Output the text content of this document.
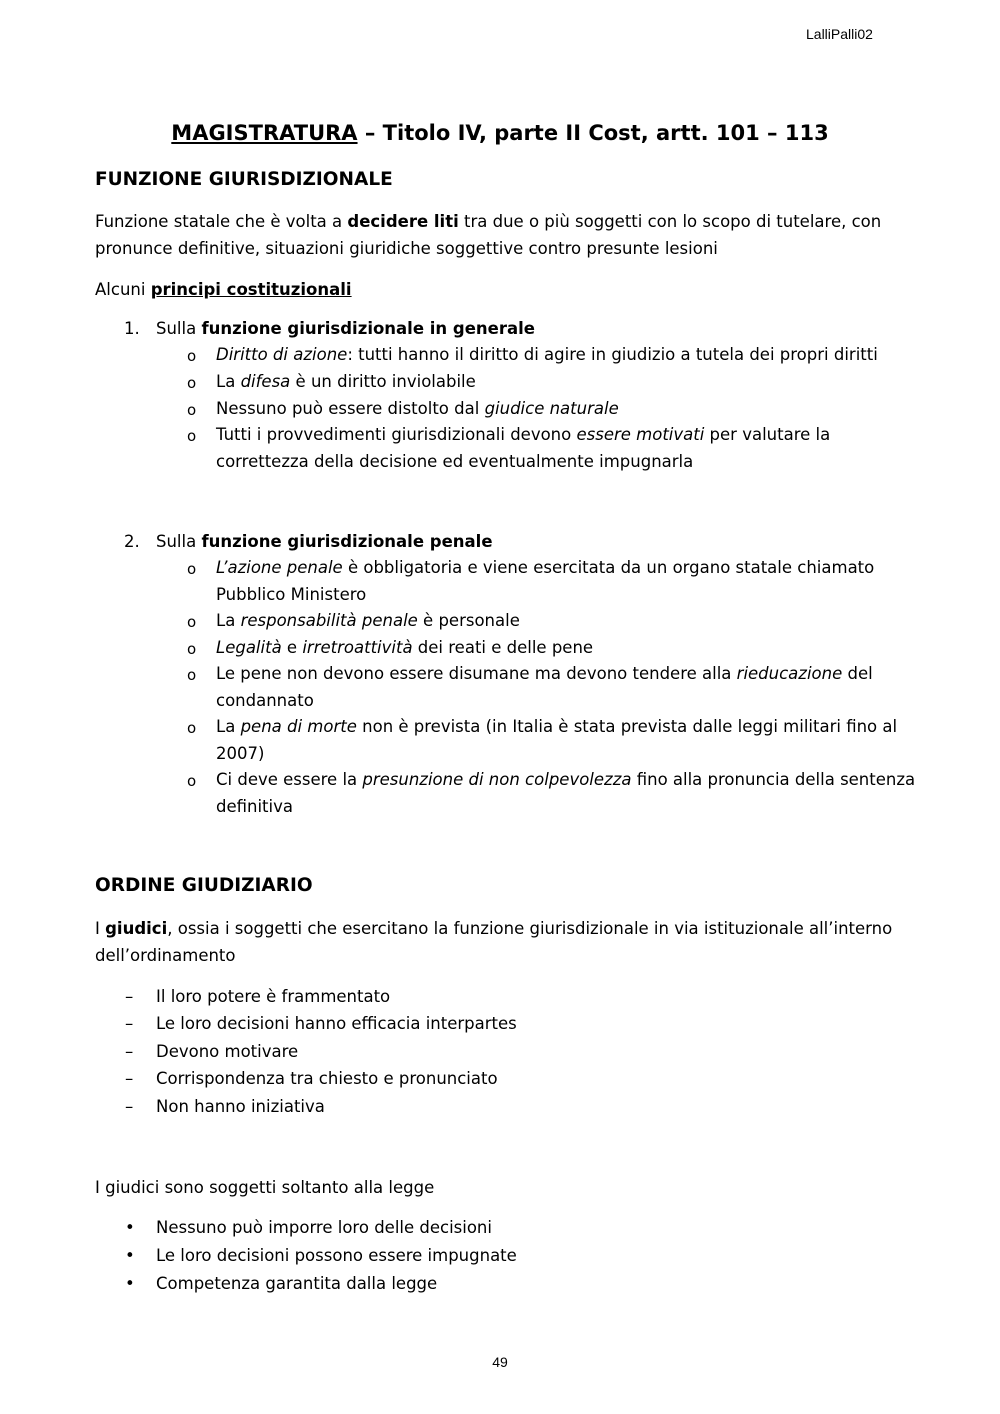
LalliPalli02
MAGISTRATURA – Titolo IV, parte II Cost, artt. 101 – 113
FUNZIONE GIURISDIZIONALE
Funzione statale che è volta a decidere liti tra due o più soggetti con lo scopo di tutelare, con
pronunce definitive, situazioni giuridiche soggettive contro presunte lesioni
Alcuni principi costituzionali
1. Sulla funzione giurisdizionale in generale
o Diritto di azione: tutti hanno il diritto di agire in giudizio a tutela dei propri diritti
o La difesa è un diritto inviolabile
o Nessuno può essere distolto dal giudice naturale
o Tutti i provvedimenti giurisdizionali devono essere motivati per valutare la
correttezza della decisione ed eventualmente impugnarla
2. Sulla funzione giurisdizionale penale
o L’azione penale è obbligatoria e viene esercitata da un organo statale chiamato
Pubblico Ministero
o La responsabilità penale è personale
o Legalità e irretroattività dei reati e delle pene
o Le pene non devono essere disumane ma devono tendere alla rieducazione del
condannato
o La pena di morte non è prevista (in Italia è stata prevista dalle leggi militari fino al
2007)
o Ci deve essere la presunzione di non colpevolezza fino alla pronuncia della sentenza
definitiva
ORDINE GIUDIZIARIO
I giudici, ossia i soggetti che esercitano la funzione giurisdizionale in via istituzionale all’interno
dell’ordinamento
– Il loro potere è frammentato
– Le loro decisioni hanno efficacia interpartes
– Devono motivare
– Corrispondenza tra chiesto e pronunciato
– Non hanno iniziativa
I giudici sono soggetti soltanto alla legge
• Nessuno può imporre loro delle decisioni
• Le loro decisioni possono essere impugnate
• Competenza garantita dalla legge
49
